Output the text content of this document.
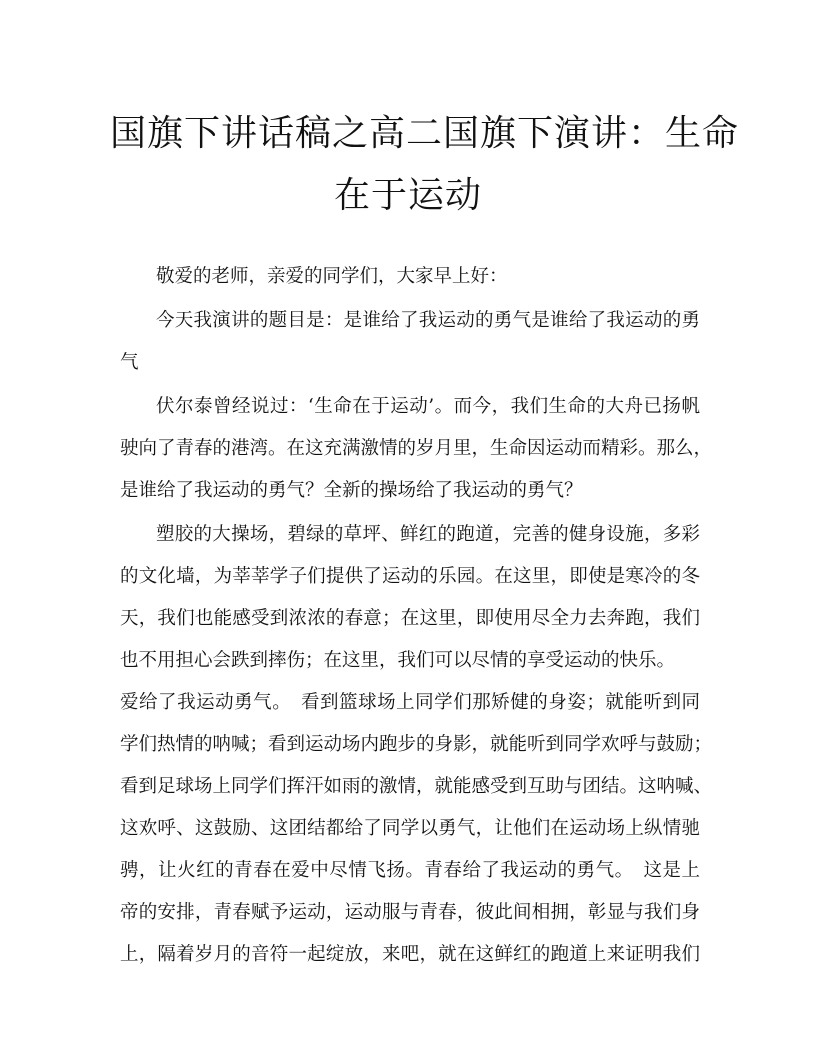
国旗下讲话稿之高二国旗下演讲：生命
在于运动
敬爱的老师，亲爱的同学们，大家早上好：
今天我演讲的题目是：是谁给了我运动的勇气是谁给了我运动的勇
气
伏尔泰曾经说过：‘生命在于运动’。而今，我们生命的大舟已扬帆
驶向了青春的港湾。在这充满激情的岁月里，生命因运动而精彩。那么，
是谁给了我运动的勇气？全新的操场给了我运动的勇气？
塑胶的大操场，碧绿的草坪、鲜红的跑道，完善的健身设施，多彩
的文化墙，为莘莘学子们提供了运动的乐园。在这里，即使是寒冷的冬
天，我们也能感受到浓浓的春意；在这里，即使用尽全力去奔跑，我们
也不用担心会跌到摔伤；在这里，我们可以尽情的享受运动的快乐。
爱给了我运动勇气。　看到篮球场上同学们那矫健的身姿；就能听到同
学们热情的呐喊；看到运动场内跑步的身影，就能听到同学欢呼与鼓励；
看到足球场上同学们挥汗如雨的激情，就能感受到互助与团结。这呐喊、
这欢呼、这鼓励、这团结都给了同学以勇气，让他们在运动场上纵情驰
骋，让火红的青春在爱中尽情飞扬。青春给了我运动的勇气。　这是上
帝的安排，青春赋予运动，运动服与青春，彼此间相拥，彰显与我们身
上，隔着岁月的音符一起绽放，来吧，就在这鲜红的跑道上来证明我们
